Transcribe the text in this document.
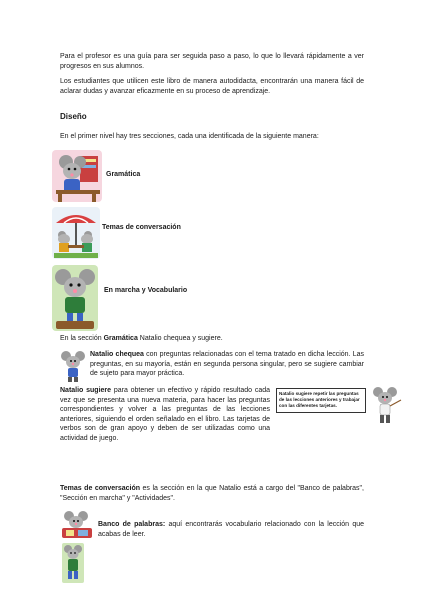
Para el profesor es una guía para ser seguida paso a paso, lo que lo llevará rápidamente a ver progresos en sus alumnos.

Los estudiantes que utilicen este libro de manera autodidacta, encontrarán una manera fácil de aclarar dudas y avanzar eficazmente en su proceso de aprendizaje.

Diseño

En el primer nivel hay tres secciones, cada una identificada de la siguiente manera:

Gramática

Temas de conversación

En marcha y Vocabulario

En la sección Gramática Natalio chequea y sugiere.

Natalio chequea con preguntas relacionadas con el tema tratado en dicha lección. Las preguntas, en su mayoría, están en segunda persona singular, pero se sugiere cambiar de sujeto para mayor práctica.

Natalio sugiere para obtener un efectivo y rápido resultado cada vez que se presenta una nueva materia, para hacer las preguntas correspondientes y volver a las preguntas de las lecciones anteriores, siguiendo el orden señalado en el libro. Las tarjetas de verbos son de gran apoyo y deben de ser utilizadas como una actividad de juego.

Natalio sugiere repetir las preguntas de las lecciones anteriores y trabajar con las diferentes tarjetas.

Temas de conversación es la sección en la que Natalio está a cargo del "Banco de palabras", "Sección en marcha" y "Actividades".

Banco de palabras: aquí encontrarás vocabulario relacionado con la lección que acabas de leer.
